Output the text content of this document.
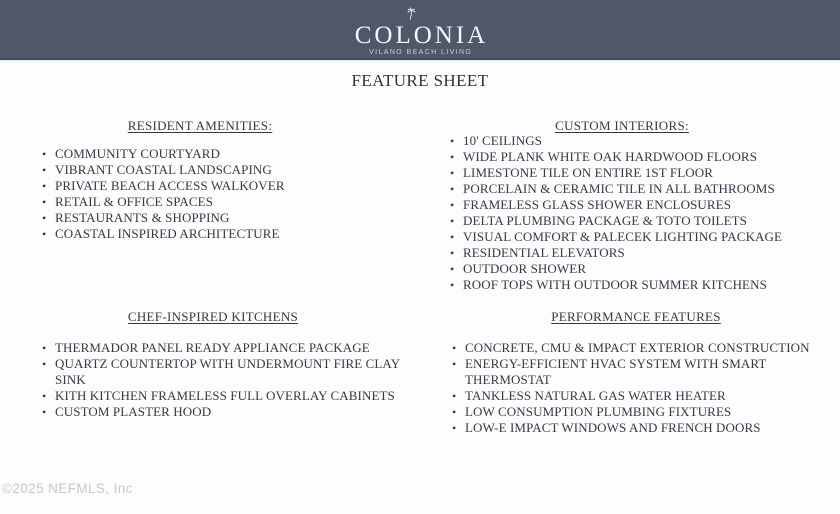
COLONIA
VILANO BEACH LIVING
FEATURE SHEET
RESIDENT AMENITIES:
• COMMUNITY COURTYARD
• VIBRANT COASTAL LANDSCAPING
• PRIVATE BEACH ACCESS WALKOVER
• RETAIL & OFFICE SPACES
• RESTAURANTS & SHOPPING
• COASTAL INSPIRED ARCHITECTURE
CUSTOM INTERIORS:
• 10' CEILINGS
• WIDE PLANK WHITE OAK HARDWOOD FLOORS
• LIMESTONE TILE ON ENTIRE 1ST FLOOR
• PORCELAIN & CERAMIC TILE IN ALL BATHROOMS
• FRAMELESS GLASS SHOWER ENCLOSURES
• DELTA PLUMBING PACKAGE & TOTO TOILETS
• VISUAL COMFORT & PALECEK LIGHTING PACKAGE
• RESIDENTIAL ELEVATORS
• OUTDOOR SHOWER
• ROOF TOPS WITH OUTDOOR SUMMER KITCHENS
CHEF-INSPIRED KITCHENS
• THERMADOR PANEL READY APPLIANCE PACKAGE
• QUARTZ COUNTERTOP WITH UNDERMOUNT FIRE CLAY SINK
• KITH KITCHEN FRAMELESS FULL OVERLAY CABINETS
• CUSTOM PLASTER HOOD
PERFORMANCE FEATURES
• CONCRETE, CMU & IMPACT EXTERIOR CONSTRUCTION
• ENERGY-EFFICIENT HVAC SYSTEM WITH SMART THERMOSTAT
• TANKLESS NATURAL GAS WATER HEATER
• LOW CONSUMPTION PLUMBING FIXTURES
• LOW-E IMPACT WINDOWS AND FRENCH DOORS
©2025 NEFMLS, Inc
